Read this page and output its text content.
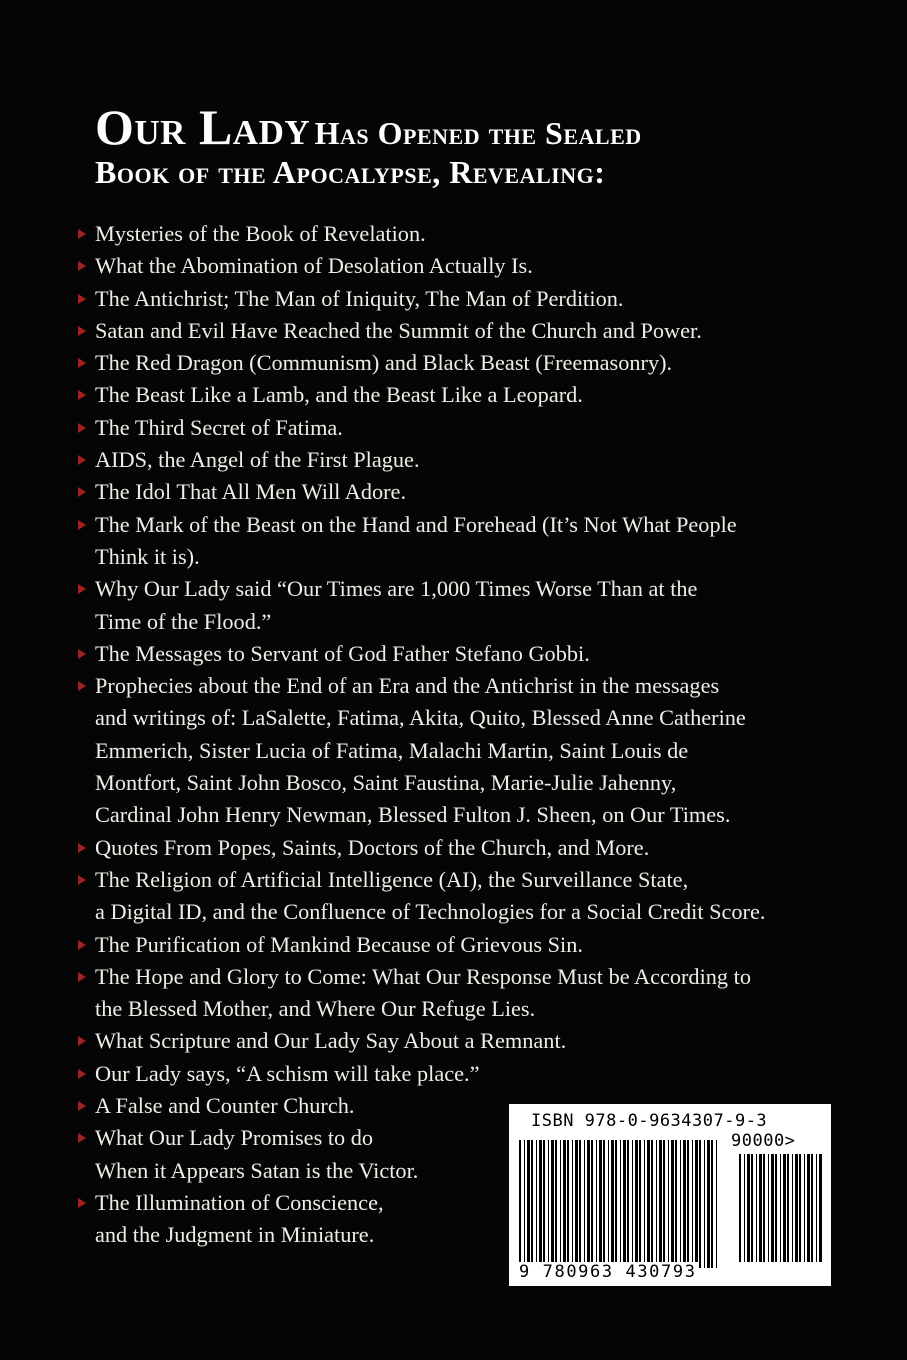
Our Lady Has Opened the Sealed
Book of the Apocalypse, Revealing:
Mysteries of the Book of Revelation.
What the Abomination of Desolation Actually Is.
The Antichrist; The Man of Iniquity, The Man of Perdition.
Satan and Evil Have Reached the Summit of the Church and Power.
The Red Dragon (Communism) and Black Beast (Freemasonry).
The Beast Like a Lamb, and the Beast Like a Leopard.
The Third Secret of Fatima.
AIDS, the Angel of the First Plague.
The Idol That All Men Will Adore.
The Mark of the Beast on the Hand and Forehead (It’s Not What People
Think it is).
Why Our Lady said “Our Times are 1,000 Times Worse Than at the
Time of the Flood.”
The Messages to Servant of God Father Stefano Gobbi.
Prophecies about the End of an Era and the Antichrist in the messages
and writings of: LaSalette, Fatima, Akita, Quito, Blessed Anne Catherine
Emmerich, Sister Lucia of Fatima, Malachi Martin, Saint Louis de
Montfort, Saint John Bosco, Saint Faustina, Marie-Julie Jahenny,
Cardinal John Henry Newman, Blessed Fulton J. Sheen, on Our Times.
Quotes From Popes, Saints, Doctors of the Church, and More.
The Religion of Artificial Intelligence (AI), the Surveillance State,
a Digital ID, and the Confluence of Technologies for a Social Credit Score.
The Purification of Mankind Because of Grievous Sin.
The Hope and Glory to Come: What Our Response Must be According to
the Blessed Mother, and Where Our Refuge Lies.
What Scripture and Our Lady Say About a Remnant.
Our Lady says, “A schism will take place.”
A False and Counter Church.
What Our Lady Promises to do
When it Appears Satan is the Victor.
The Illumination of Conscience,
and the Judgment in Miniature.
ISBN 978-0-9634307-9-3
90000>
9 780963 430793
